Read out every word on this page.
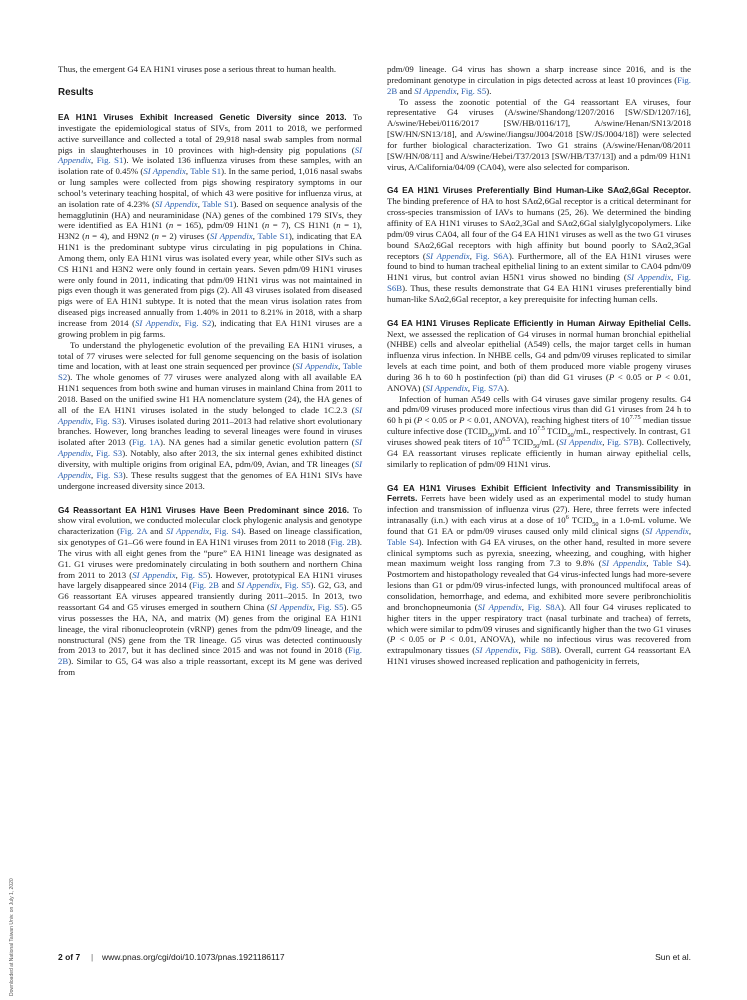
Thus, the emergent G4 EA H1N1 viruses pose a serious threat to human health.

Results

EA H1N1 Viruses Exhibit Increased Genetic Diversity since 2013. To investigate the epidemiological status of SIVs, from 2011 to 2018, we performed active surveillance and collected a total of 29,918 nasal swab samples from normal pigs in slaughterhouses in 10 provinces with high-density pig populations (SI Appendix, Fig. S1). We isolated 136 influenza viruses from these samples, with an isolation rate of 0.45% (SI Appendix, Table S1). In the same period, 1,016 nasal swabs or lung samples were collected from pigs showing respiratory symptoms in our school’s veterinary teaching hospital, of which 43 were positive for influenza virus, at an isolation rate of 4.23% (SI Appendix, Table S1). Based on sequence analysis of the hemagglutinin (HA) and neuraminidase (NA) genes of the combined 179 SIVs, they were identified as EA H1N1 (n = 165), pdm/09 H1N1 (n = 7), CS H1N1 (n = 1), H3N2 (n = 4), and H9N2 (n = 2) viruses (SI Appendix, Table S1), indicating that EA H1N1 is the predominant subtype virus circulating in pig populations in China. Among them, only EA H1N1 virus was isolated every year, while other SIVs such as CS H1N1 and H3N2 were only found in certain years. Seven pdm/09 H1N1 viruses were only found in 2011, indicating that pdm/09 H1N1 virus was not maintained in pigs even though it was generated from pigs (2). All 43 viruses isolated from diseased pigs were of EA H1N1 subtype. It is noted that the mean virus isolation rates from diseased pigs increased annually from 1.40% in 2011 to 8.21% in 2018, with a sharp increase from 2014 (SI Appendix, Fig. S2), indicating that EA H1N1 viruses are a growing problem in pig farms.

To understand the phylogenetic evolution of the prevailing EA H1N1 viruses, a total of 77 viruses were selected for full genome sequencing on the basis of isolation time and location, with at least one strain sequenced per province (SI Appendix, Table S2). The whole genomes of 77 viruses were analyzed along with all available EA H1N1 sequences from both swine and human viruses in mainland China from 2011 to 2018. Based on the unified swine H1 HA nomenclature system (24), the HA genes of all of the EA H1N1 viruses isolated in the study belonged to clade 1C.2.3 (SI Appendix, Fig. S3). Viruses isolated during 2011–2013 had relative short evolutionary branches. However, long branches leading to several lineages were found in viruses isolated after 2013 (Fig. 1A). NA genes had a similar genetic evolution pattern (SI Appendix, Fig. S3). Notably, also after 2013, the six internal genes exhibited distinct diversity, with multiple origins from original EA, pdm/09, Avian, and TR lineages (SI Appendix, Fig. S3). These results suggest that the genomes of EA H1N1 SIVs have undergone increased diversity since 2013.

G4 Reassortant EA H1N1 Viruses Have Been Predominant since 2016. To show viral evolution, we conducted molecular clock phylogenic analysis and genotype characterization (Fig. 2A and SI Appendix, Fig. S4). Based on lineage classification, six genotypes of G1–G6 were found in EA H1N1 viruses from 2011 to 2018 (Fig. 2B). The virus with all eight genes from the “pure” EA H1N1 lineage was designated as G1. G1 viruses were predominately circulating in both southern and northern China from 2011 to 2013 (SI Appendix, Fig. S5). However, prototypical EA H1N1 viruses have largely disappeared since 2014 (Fig. 2B and SI Appendix, Fig. S5). G2, G3, and G6 reassortant EA viruses appeared transiently during 2011–2015. In 2013, two reassortant G4 and G5 viruses emerged in southern China (SI Appendix, Fig. S5). G5 virus possesses the HA, NA, and matrix (M) genes from the original EA H1N1 lineage, the viral ribonucleoprotein (vRNP) genes from the pdm/09 lineage, and the nonstructural (NS) gene from the TR lineage. G5 virus was detected continuously from 2013 to 2017, but it has declined since 2015 and was not found in 2018 (Fig. 2B). Similar to G5, G4 was also a triple reassortant, except its M gene was derived from

pdm/09 lineage. G4 virus has shown a sharp increase since 2016, and is the predominant genotype in circulation in pigs detected across at least 10 provinces (Fig. 2B and SI Appendix, Fig. S5).

To assess the zoonotic potential of the G4 reassortant EA viruses, four representative G4 viruses (A/swine/Shandong/1207/2016 [SW/SD/1207/16], A/swine/Hebei/0116/2017 [SW/HB/0116/17], A/swine/Henan/SN13/2018 [SW/HN/SN13/18], and A/swine/Jiangsu/J004/2018 [SW/JS/J004/18]) were selected for further biological characterization. Two G1 strains (A/swine/Henan/08/2011 [SW/HN/08/11] and A/swine/Hebei/T37/2013 [SW/HB/T37/13]) and a pdm/09 H1N1 virus, A/California/04/09 (CA04), were also selected for comparison.

G4 EA H1N1 Viruses Preferentially Bind Human-Like SAα2,6Gal Receptor. The binding preference of HA to host SAα2,6Gal receptor is a critical determinant for cross-species transmission of IAVs to humans (25, 26). We determined the binding affinity of EA H1N1 viruses to SAα2,3Gal and SAα2,6Gal sialylglycopolymers. Like pdm/09 virus CA04, all four of the G4 EA H1N1 viruses as well as the two G1 viruses bound SAα2,6Gal receptors with high affinity but bound poorly to SAα2,3Gal receptors (SI Appendix, Fig. S6A). Furthermore, all of the EA H1N1 viruses were found to bind to human tracheal epithelial lining to an extent similar to CA04 pdm/09 H1N1 virus, but control avian H5N1 virus showed no binding (SI Appendix, Fig. S6B). Thus, these results demonstrate that G4 EA H1N1 viruses preferentially bind human-like SAα2,6Gal receptor, a key prerequisite for infecting human cells.

G4 EA H1N1 Viruses Replicate Efficiently in Human Airway Epithelial Cells. Next, we assessed the replication of G4 viruses in normal human bronchial epithelial (NHBE) cells and alveolar epithelial (A549) cells, the major target cells in human influenza virus infection. In NHBE cells, G4 and pdm/09 viruses replicated to similar levels at each time point, and both of them produced more viable progeny viruses during 36 h to 60 h postinfection (pi) than did G1 viruses (P < 0.05 or P < 0.01, ANOVA) (SI Appendix, Fig. S7A).

Infection of human A549 cells with G4 viruses gave similar progeny results. G4 and pdm/09 viruses produced more infectious virus than did G1 viruses from 24 h to 60 h pi (P < 0.05 or P < 0.01, ANOVA), reaching highest titers of $10^{7.75}$ median tissue culture infective dose $(TCID_{50})/mL$ and $10^{7.5}$ $TCID_{50}/mL$, respectively. In contrast, G1 viruses showed peak titers of $10^{6.5}$ $TCID_{50}/mL$ (SI Appendix, Fig. S7B). Collectively, G4 EA reassortant viruses replicate efficiently in human airway epithelial cells, similarly to replication of pdm/09 H1N1 virus.

G4 EA H1N1 Viruses Exhibit Efficient Infectivity and Transmissibility in Ferrets. Ferrets have been widely used as an experimental model to study human infection and transmission of influenza virus (27). Here, three ferrets were infected intranasally (i.n.) with each virus at a dose of $10^6$ $TCID_{50}$ in a 1.0-mL volume. We found that G1 EA or pdm/09 viruses caused only mild clinical signs (SI Appendix, Table S4). Infection with G4 EA viruses, on the other hand, resulted in more severe clinical symptoms such as pyrexia, sneezing, wheezing, and coughing, with higher mean maximum weight loss ranging from 7.3 to 9.8% (SI Appendix, Table S4). Postmortem and histopathology revealed that G4 virus-infected lungs had more-severe lesions than G1 or pdm/09 virus-infected lungs, with pronounced multifocal areas of consolidation, hemorrhage, and edema, and exhibited more severe peribronchiolitis and bronchopneumonia (SI Appendix, Fig. S8A). All four G4 viruses replicated to higher titers in the upper respiratory tract (nasal turbinate and trachea) of ferrets, which were similar to pdm/09 viruses and significantly higher than the two G1 viruses (P < 0.05 or P < 0.01, ANOVA), while no infectious virus was recovered from extrapulmonary tissues (SI Appendix, Fig. S8B). Overall, current G4 reassortant EA H1N1 viruses showed increased replication and pathogenicity in ferrets,

2 of 7 | www.pnas.org/cgi/doi/10.1073/pnas.1921186117	Sun et al.
Downloaded at National Taiwan Univ. on July 1, 2020
